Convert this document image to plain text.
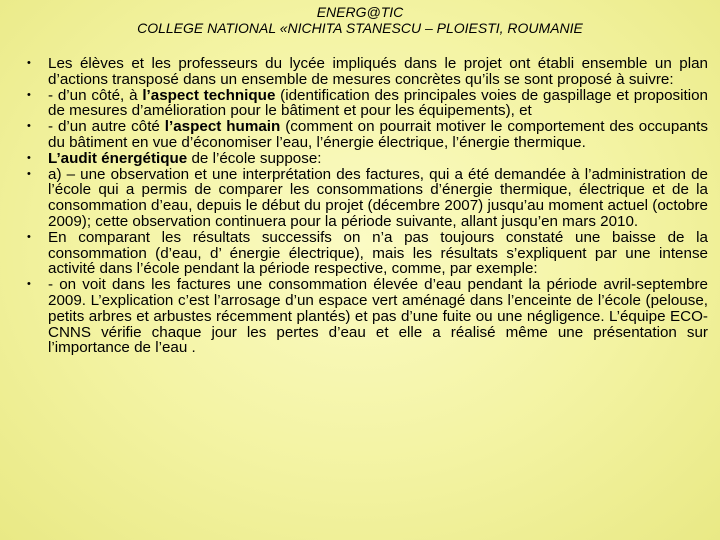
ENERG@TIC
COLLEGE NATIONAL «NICHITA STANESCU – PLOIESTI, ROUMANIE
• Les élèves et les professeurs du lycée impliqués dans le projet ont établi ensemble un plan d’actions transposé dans un ensemble de mesures concrètes qu’ils se sont proposé à suivre:
• - d’un côté, à l’aspect technique (identification des principales voies de gaspillage et proposition de mesures d’amélioration pour le bâtiment et pour les équipements), et
• - d’un autre côté l’aspect humain (comment on pourrait motiver le comportement des occupants du bâtiment en vue d’économiser l’eau, l’énergie électrique, l’énergie thermique.
• L’audit énergétique de l’école suppose:
• a) – une observation et une interprétation des factures, qui a été demandée à l’administration de l’école qui a permis de comparer les consommations d’énergie thermique, électrique et de la consommation d’eau, depuis le début du projet (décembre 2007) jusqu’au moment actuel (octobre 2009); cette observation continuera pour la période suivante, allant jusqu’en mars 2010.
• En comparant les résultats successifs on n’a pas toujours constaté une baisse de la consommation (d’eau, d’ énergie électrique), mais les résultats s’expliquent par une intense activité dans l’école pendant la période respective, comme, par exemple:
• - on voit dans les factures une consommation élevée d’eau pendant la période avril-septembre 2009. L’explication c’est l’arrosage d’un espace vert aménagé dans l’enceinte de l’école (pelouse, petits arbres et arbustes récemment plantés) et pas d’une fuite ou une négligence. L’équipe ECO-CNNS vérifie chaque jour les pertes d’eau et elle a réalisé même une présentation sur l’importance de l’eau .
